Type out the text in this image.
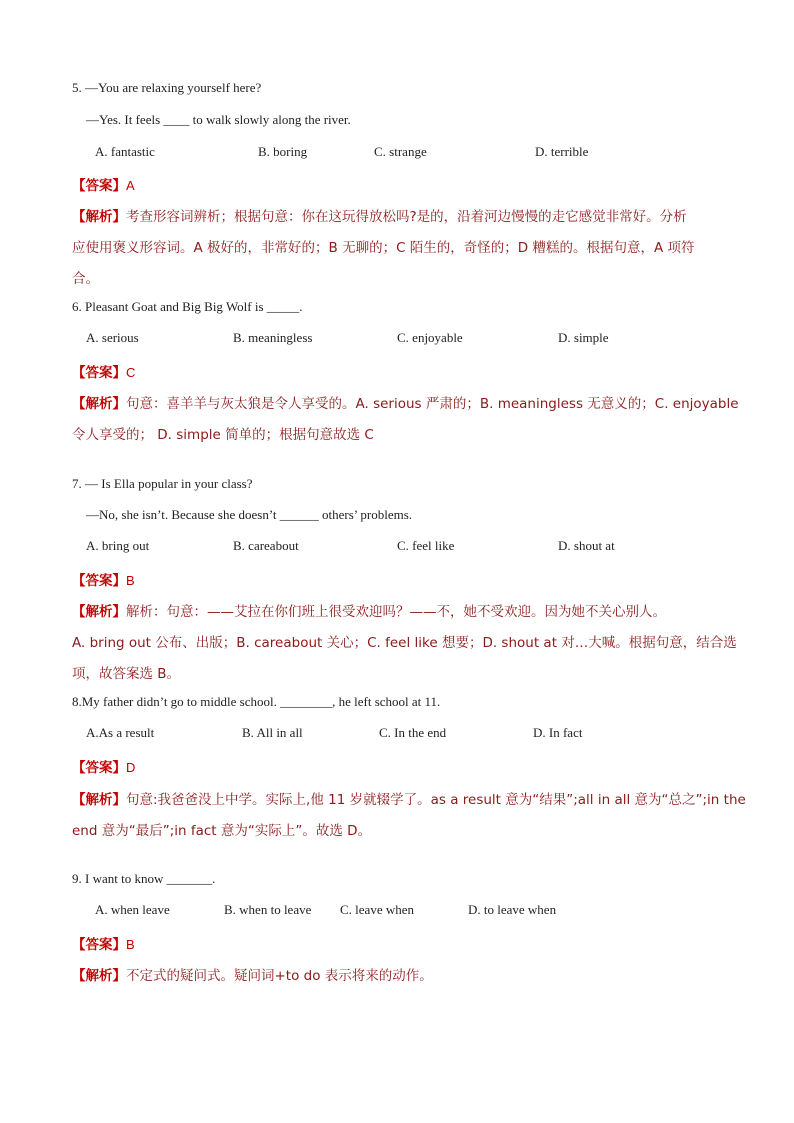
5. —You are relaxing yourself here?
—Yes. It feels ____ to walk slowly along the river.
A. fantastic	B. boring	C. strange	D. terrible
【答案】A
【解析】考查形容词辨析；根据句意：你在这玩得放松吗?是的，沿着河边慢慢的走它感觉非常好。分析
应使用褒义形容词。A 极好的，非常好的；B 无聊的；C 陌生的，奇怪的；D 糟糕的。根据句意，A 项符
合。
6. Pleasant Goat and Big Big Wolf is _____.
A. serious	B. meaningless	C. enjoyable	D. simple
【答案】C
【解析】句意：喜羊羊与灰太狼是令人享受的。A. serious 严肃的；B. meaningless 无意义的；C. enjoyable
令人享受的； D. simple 简单的；根据句意故选 C
7. — Is Ella popular in your class?
—No, she isn’t. Because she doesn’t ______ others’ problems.
A. bring out	B. careabout	C. feel like	D. shout at
【答案】B
【解析】解析：句意：——艾拉在你们班上很受欢迎吗？——不，她不受欢迎。因为她不关心别人。
A. bring out 公布、出版；B. careabout 关心；C. feel like 想要；D. shout at 对…大喊。根据句意，结合选
项，故答案选 B。
8.My father didn’t go to middle school. ________, he left school at 11.
A.As a result	B. All in all	C. In the end	D. In fact
【答案】D
【解析】句意:我爸爸没上中学。实际上,他 11 岁就辍学了。as a result 意为“结果”;all in all 意为“总之”;in the
end 意为“最后”;in fact 意为“实际上”。故选 D。
9. I want to know _______.
A. when leave	B. when to leave C. leave when	D. to leave when
【答案】B
【解析】不定式的疑问式。疑问词+to do 表示将来的动作。
